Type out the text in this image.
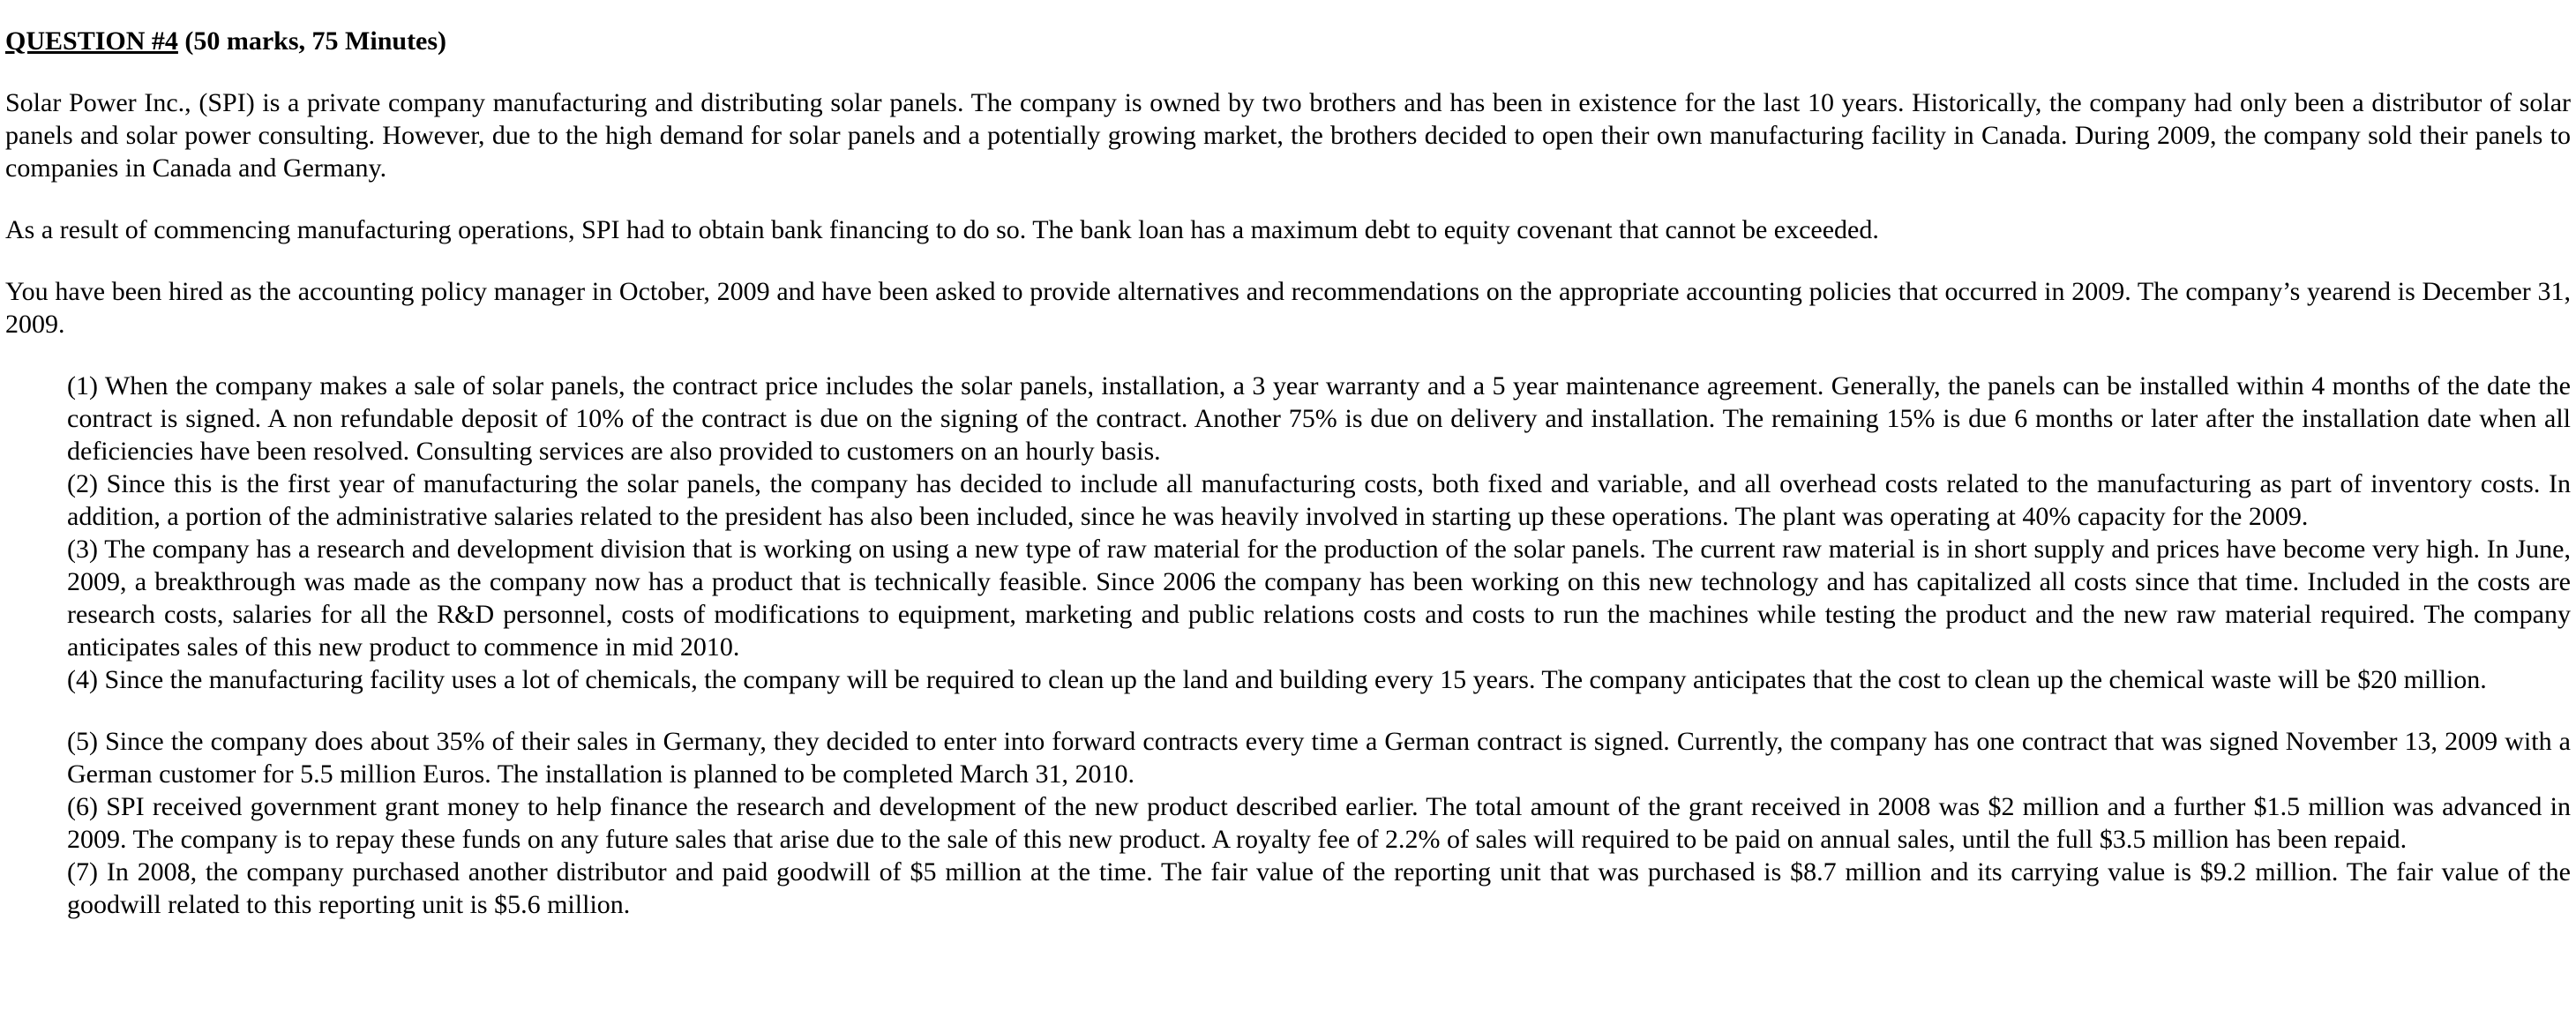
QUESTION #4 (50 marks, 75 Minutes)

Solar Power Inc., (SPI) is a private company manufacturing and distributing solar panels. The company is owned by two brothers and has been in existence for the last 10 years. Historically, the company had only been a distributor of solar panels and solar power consulting. However, due to the high demand for solar panels and a potentially growing market, the brothers decided to open their own manufacturing facility in Canada. During 2009, the company sold their panels to companies in Canada and Germany.

As a result of commencing manufacturing operations, SPI had to obtain bank financing to do so. The bank loan has a maximum debt to equity covenant that cannot be exceeded.

You have been hired as the accounting policy manager in October, 2009 and have been asked to provide alternatives and recommendations on the appropriate accounting policies that occurred in 2009. The company’s yearend is December 31, 2009.

(1) When the company makes a sale of solar panels, the contract price includes the solar panels, installation, a 3 year warranty and a 5 year maintenance agreement. Generally, the panels can be installed within 4 months of the date the contract is signed. A non refundable deposit of 10% of the contract is due on the signing of the contract. Another 75% is due on delivery and installation. The remaining 15% is due 6 months or later after the installation date when all deficiencies have been resolved. Consulting services are also provided to customers on an hourly basis.

(2) Since this is the first year of manufacturing the solar panels, the company has decided to include all manufacturing costs, both fixed and variable, and all overhead costs related to the manufacturing as part of inventory costs. In addition, a portion of the administrative salaries related to the president has also been included, since he was heavily involved in starting up these operations. The plant was operating at 40% capacity for the 2009.

(3) The company has a research and development division that is working on using a new type of raw material for the production of the solar panels. The current raw material is in short supply and prices have become very high. In June, 2009, a breakthrough was made as the company now has a product that is technically feasible. Since 2006 the company has been working on this new technology and has capitalized all costs since that time. Included in the costs are research costs, salaries for all the R&D personnel, costs of modifications to equipment, marketing and public relations costs and costs to run the machines while testing the product and the new raw material required. The company anticipates sales of this new product to commence in mid 2010.

(4) Since the manufacturing facility uses a lot of chemicals, the company will be required to clean up the land and building every 15 years. The company anticipates that the cost to clean up the chemical waste will be $20 million.

(5) Since the company does about 35% of their sales in Germany, they decided to enter into forward contracts every time a German contract is signed. Currently, the company has one contract that was signed November 13, 2009 with a German customer for 5.5 million Euros. The installation is planned to be completed March 31, 2010.

(6) SPI received government grant money to help finance the research and development of the new product described earlier. The total amount of the grant received in 2008 was $2 million and a further $1.5 million was advanced in 2009. The company is to repay these funds on any future sales that arise due to the sale of this new product. A royalty fee of 2.2% of sales will required to be paid on annual sales, until the full $3.5 million has been repaid.

(7) In 2008, the company purchased another distributor and paid goodwill of $5 million at the time. The fair value of the reporting unit that was purchased is $8.7 million and its carrying value is $9.2 million. The fair value of the goodwill related to this reporting unit is $5.6 million.
